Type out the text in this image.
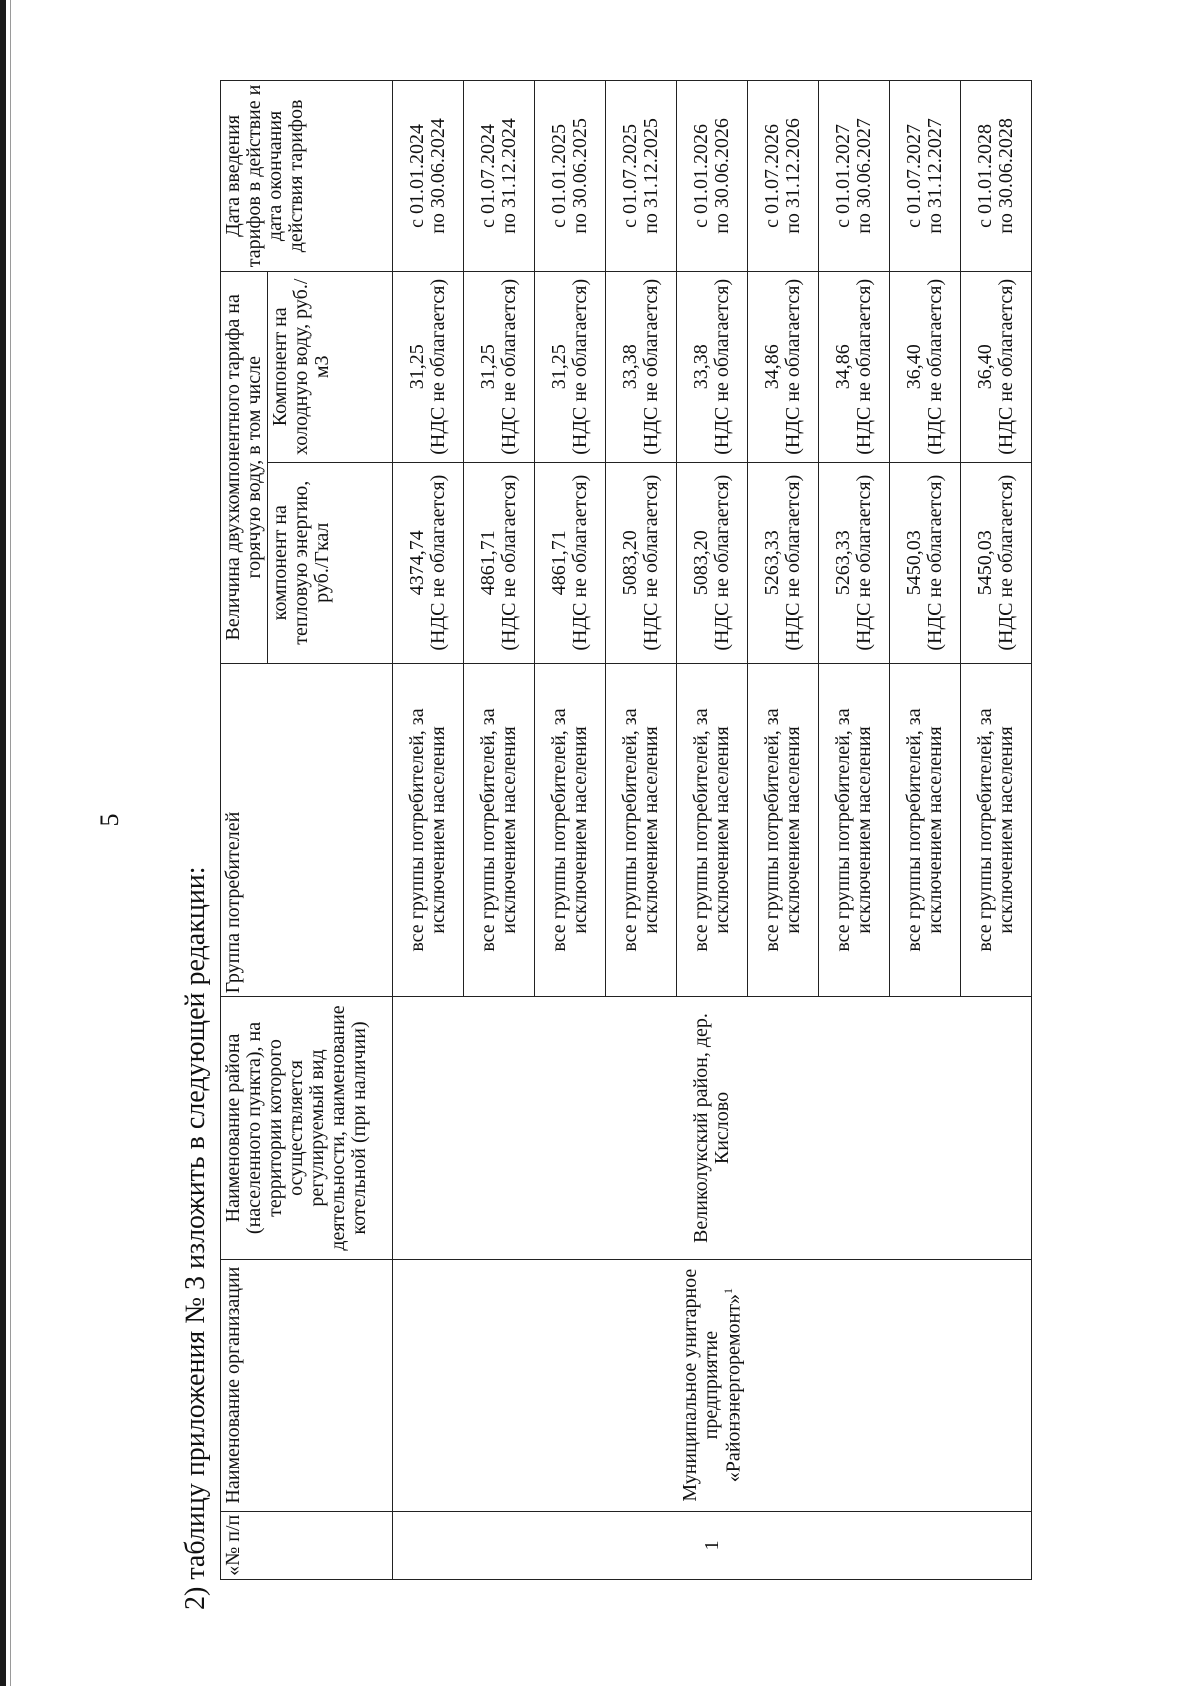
5
2) таблицу приложения № 3 изложить в следующей редакции: «№ п/п	Наименование организации	Наименование района (населенного пункта), на территории которого осуществляется регулируемый вид деятельности, наименование котельной (при наличии)	Группа потребителей	Величина двухкомпонентного тарифа на горячую воду, в том числе		Дата введения тарифов в действие и дата окончания действия тарифов
				компонент на тепловую энергию, руб./Гкал	Компонент на холодную воду, руб./м3	
1	Муниципальное унитарное предприятие «Районэнергоремонт»$^1$	Великолукский район, дер. Кислово	все группы потребителей, за исключением населения	4374,74 (НДС не облагается)	31,25 (НДС не облагается)	с 01.01.2024 по 30.06.2024

			все группы потребителей, за исключением населения	4861,71 (НДС не облагается)	31,25 (НДС не облагается)	с 01.07.2024 по 31.12.2024

			все группы потребителей, за исключением населения	4861,71 (НДС не облагается)	31,25 (НДС не облагается)	с 01.01.2025 по 30.06.2025

			все группы потребителей, за исключением населения	5083,20 (НДС не облагается)	33,38 (НДС не облагается)	с 01.07.2025 по 31.12.2025

			все группы потребителей, за исключением населения	5083,20 (НДС не облагается)	33,38 (НДС не облагается)	с 01.01.2026 по 30.06.2026

			все группы потребителей, за исключением населения	5263,33 (НДС не облагается)	34,86 (НДС не облагается)	с 01.07.2026 по 31.12.2026

			все группы потребителей, за исключением населения	5263,33 (НДС не облагается)	34,86 (НДС не облагается)	с 01.01.2027 по 30.06.2027

			все группы потребителей, за исключением населения	5450,03 (НДС не облагается)	36,40 (НДС не облагается)	с 01.07.2027 по 31.12.2027

			все группы потребителей, за исключением населения	5450,03 (НДС не облагается)	36,40 (НДС не облагается)	с 01.01.2028 по 30.06.2028
